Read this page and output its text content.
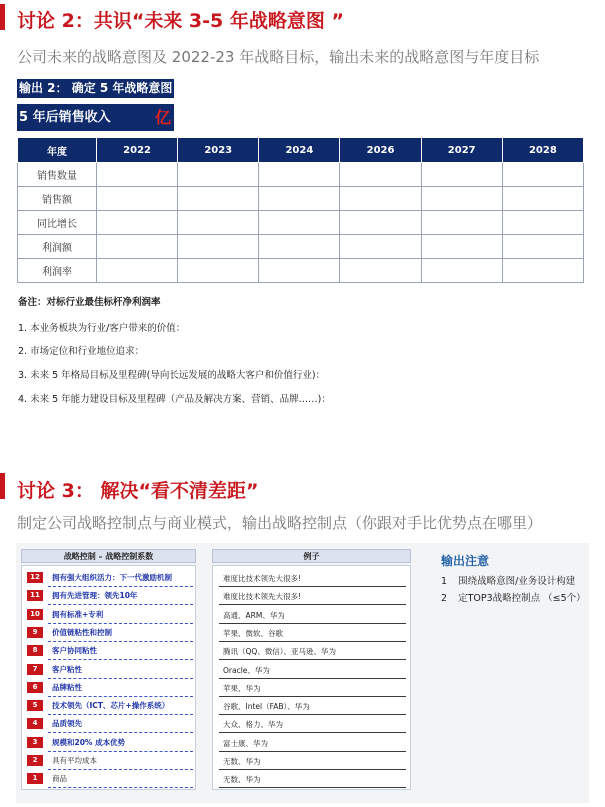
讨论 2：共识“未来 3-5 年战略意图 ”
公司未来的战略意图及 2022-23 年战略目标，输出未来的战略意图与年度目标
输出 2： 确定 5 年战略意图
5 年后销售收入	亿
年度	2022	2023	2024	2026	2027	2028
销售数量						
销售额						
同比增长						
利润额						
利润率						
备注：对标行业最佳标杆净利润率
1. 本业务板块为行业/客户带来的价值：
2. 市场定位和行业地位追求：
3. 未来 5 年格局目标及里程碑(导向长远发展的战略大客户和价值行业)：
4. 未来 5 年能力建设目标及里程碑（产品及解决方案、营销、品牌……)：
讨论 3： 解决“看不清差距”
制定公司战略控制点与商业模式，输出战略控制点（你跟对手比优势点在哪里）
战略控制 – 战略控制系数
12	拥有强大组织活力：下一代激励机制
11	拥有先进管理：领先10年
10	拥有标准+专利
9	价值链粘性和控制
8	客户协同粘性
7	客户粘性
6	品牌粘性
5	技术领先（ICT、芯片+操作系统）
4	品质领先
3	规模和20% 成本优势
2	具有平均成本
1	商品
例子
难度比技术领先大很多!
难度比技术领先大很多!
高通、ARM、华为
苹果、微软、谷歌
腾讯（QQ、微信）、亚马逊、华为
Oracle、华为
苹果、华为
谷歌、Intel（FAB）、华为
大众、格力、华为
富士康、华为
无数、华为
无数、华为
输出注意
1 围绕战略意图/业务设计构建
2 定TOP3战略控制点 （≤5个）
